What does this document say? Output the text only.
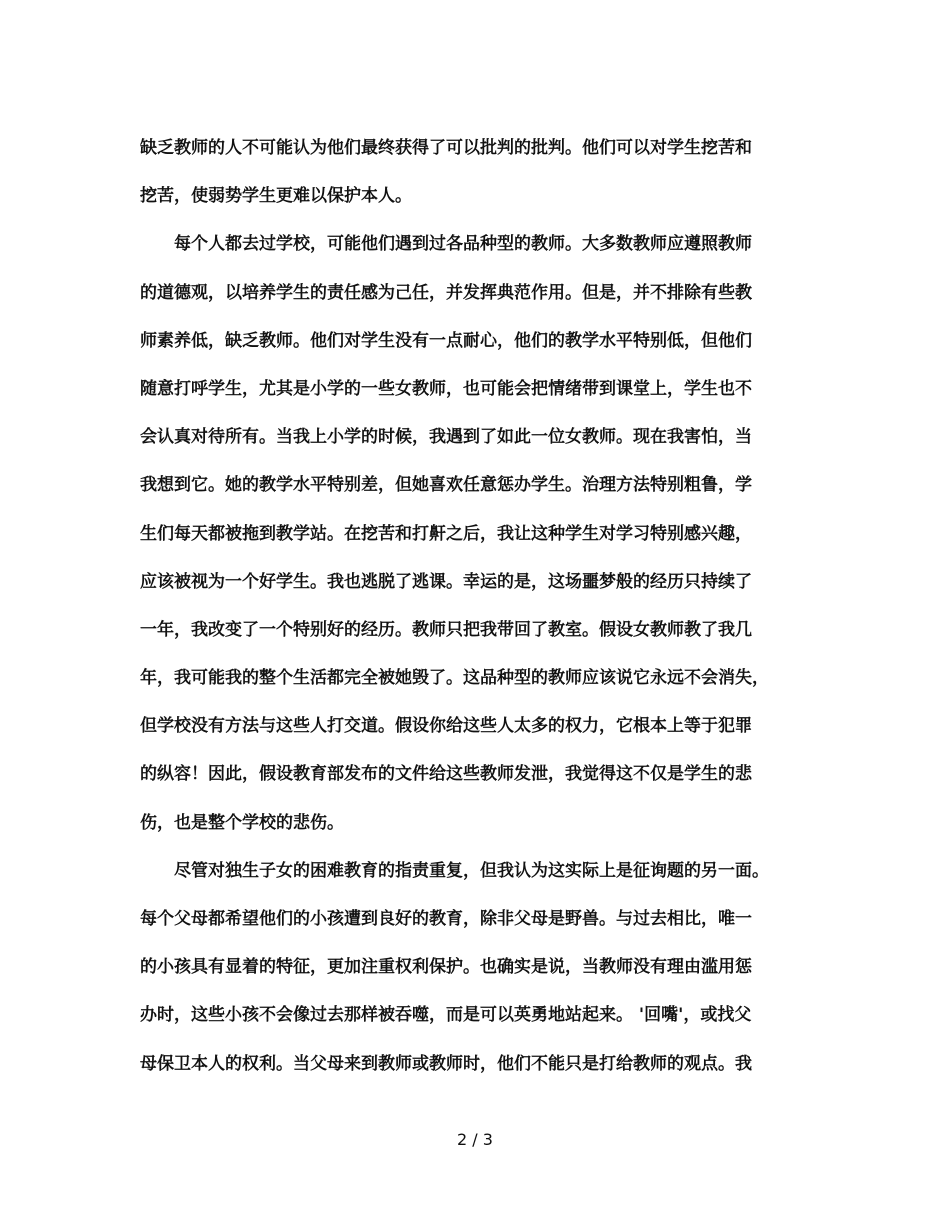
缺乏教师的人不可能认为他们最终获得了可以批判的批判。他们可以对学生挖苦和
挖苦，使弱势学生更难以保护本人。
每个人都去过学校，可能他们遇到过各品种型的教师。大多数教师应遵照教师
的道德观，以培养学生的责任感为己任，并发挥典范作用。但是，并不排除有些教
师素养低，缺乏教师。他们对学生没有一点耐心，他们的教学水平特别低，但他们
随意打呼学生，尤其是小学的一些女教师，也可能会把情绪带到课堂上，学生也不
会认真对待所有。当我上小学的时候，我遇到了如此一位女教师。现在我害怕，当
我想到它。她的教学水平特别差，但她喜欢任意惩办学生。治理方法特别粗鲁，学
生们每天都被拖到教学站。在挖苦和打鼾之后，我让这种学生对学习特别感兴趣，
应该被视为一个好学生。我也逃脱了逃课。幸运的是，这场噩梦般的经历只持续了
一年，我改变了一个特别好的经历。教师只把我带回了教室。假设女教师教了我几
年，我可能我的整个生活都完全被她毁了。这品种型的教师应该说它永远不会消失，
但学校没有方法与这些人打交道。假设你给这些人太多的权力，它根本上等于犯罪
的纵容！因此，假设教育部发布的文件给这些教师发泄，我觉得这不仅是学生的悲
伤，也是整个学校的悲伤。
尽管对独生子女的困难教育的指责重复，但我认为这实际上是征询题的另一面。
每个父母都希望他们的小孩遭到良好的教育，除非父母是野兽。与过去相比，唯一
的小孩具有显着的特征，更加注重权利保护。也确实是说，当教师没有理由滥用惩
办时，这些小孩不会像过去那样被吞噬，而是可以英勇地站起来。 '回嘴'，或找父
母保卫本人的权利。当父母来到教师或教师时，他们不能只是打给教师的观点。我
2 / 3
